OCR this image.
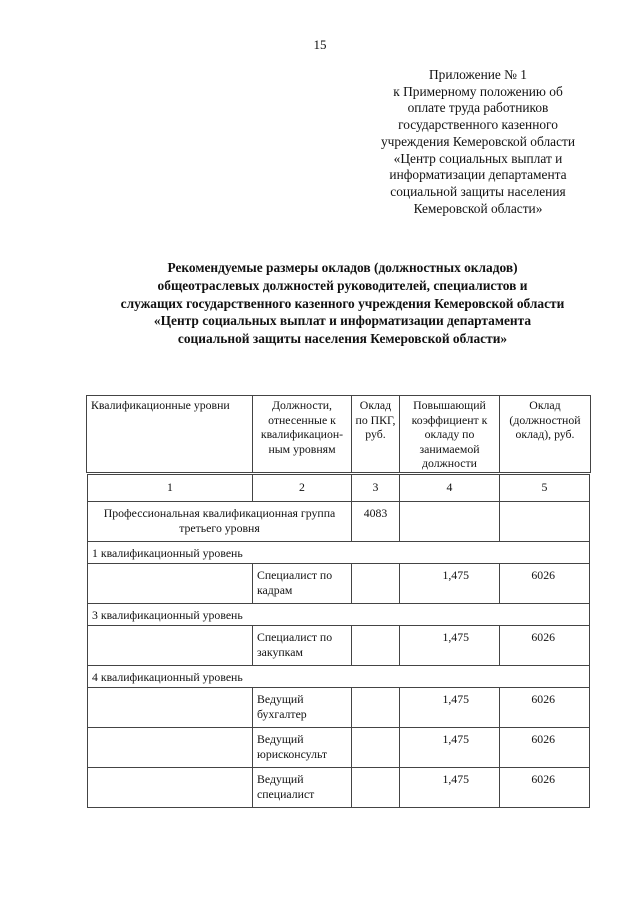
15
Приложение № 1
к Примерному положению об
оплате труда работников
государственного казенного
учреждения Кемеровской области
«Центр социальных выплат и
информатизации департамента
социальной защиты населения
Кемеровской области»
Рекомендуемые размеры окладов (должностных окладов)
общеотраслевых должностей руководителей, специалистов и
служащих государственного казенного учреждения Кемеровской области
«Центр социальных выплат и информатизации департамента
социальной защиты населения Кемеровской области»
Квалификационные уровни	Должности, отнесенные к квалификацион-ным уровням	Оклад по ПКГ, руб.	Повышающий коэффициент к окладу по занимаемой должности	Оклад (должностной оклад), руб.
1	2	3	4	5
Профессиональная квалификационная группа третьего уровня		4083		
1 квалификационный уровень				
	Специалист по кадрам		1,475	6026
3 квалификационный уровень				
	Специалист по закупкам		1,475	6026
4 квалификационный уровень				
	Ведущий бухгалтер		1,475	6026
	Ведущий юрисконсульт		1,475	6026
	Ведущий специалист		1,475	6026
